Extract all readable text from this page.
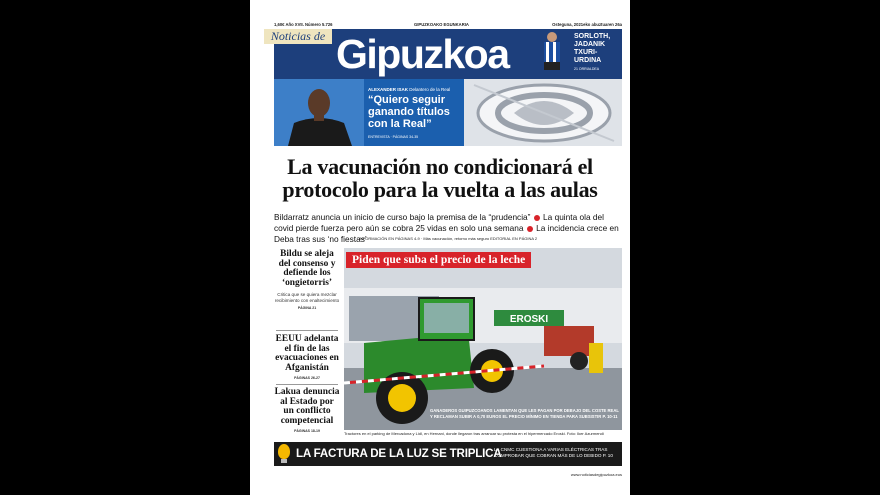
1,60€ Año XVII. Número 5.726	GIPUZKOAKO EGUNKARIA	Osteguna, 2021eko abuztuaren 26a
Noticias de Gipuzkoa	SORLOTH, JADANIK TXURI-URDINA
21 ORRIALDEA
ALEXANDER ISAK Delantero de la Real
“Quiero seguir ganando títulos con la Real”
ENTREVISTA · PÁGINAS 34-35
La vacunación no condicionará el protocolo para la vuelta a las aulas
Bildarratz anuncia un inicio de curso bajo la premisa de la “prudencia” La quinta ola del covid pierde fuerza pero aún se cobra 25 vidas en solo una semana La incidencia crece en Deba tras sus ‘no fiestas’
INFORMACIÓN EN PÁGINAS 4-9 · Más vacunación, retorno más seguro EDITORIAL EN PÁGINA 2
Bildu se aleja del consenso y defiende los ‘ongietorris’
Critica que se quiera mezclar recibimiento con enaltecimiento
PÁGINA 21
EEUU adelanta el fin de las evacuaciones en Afganistán
PÁGINAS 26-27
Lakua denuncia al Estado por un conflicto competencial
PÁGINAS 18-19
EROSKI
Piden que suba el precio de la leche
GANADEROS GUIPUZCOANOS LAMENTAN QUE LES PAGAN POR DEBAJO DEL COSTE REAL Y RECLAMAN SUBIR A 0,70 EUROS EL PRECIO MÍNIMO EN TIENDA PARA SUBSISTIR P. 10-11
Tractores en el parking de Mercadona y Lidl, en Hernani, donde llegaron tras arrancar su protesta en el hipermercado Eroski. Foto: Iker Azurmendi
LA FACTURA DE LA LUZ SE TRIPLICA
LA CNMC CUESTIONA A VARIAS ELÉCTRICAS TRAS COMPROBAR QUE COBRAN MÁS DE LO DEBIDO P. 10
www.noticiasdegipuzkoa.eus
